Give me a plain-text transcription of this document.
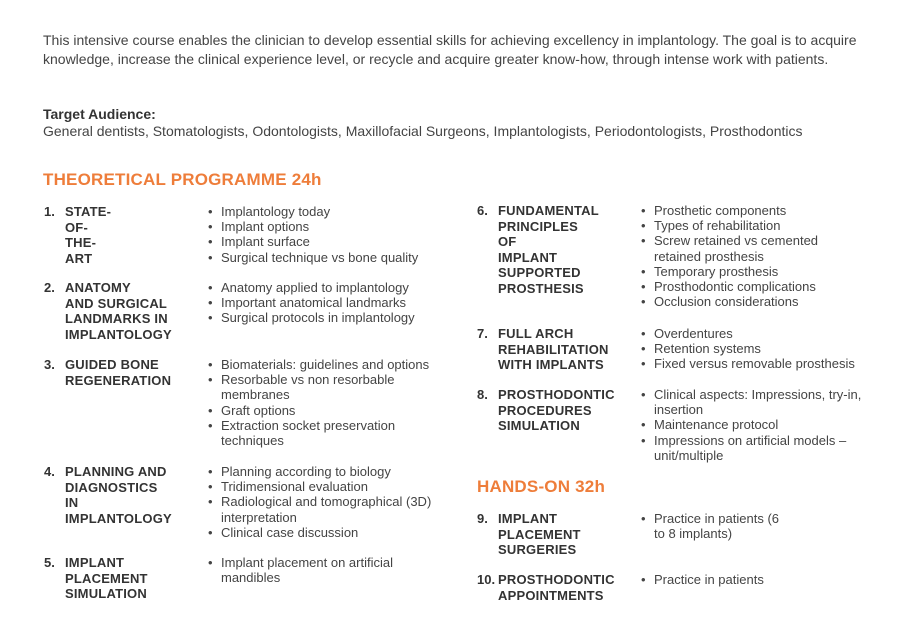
This intensive course enables the clinician to develop essential skills for achieving excellency in implantology. The goal is to acquire knowledge, increase the clinical experience level, or recycle and acquire greater know-how, through intense work with patients.

Target Audience:
General dentists, Stomatologists, Odontologists, Maxillofacial Surgeons, Implantologists, Periodontologists, Prosthodontics
THEORETICAL PROGRAMME 24h
1. STATE-OF-THE-ART
• Implantology today
• Implant options
• Implant surface
• Surgical technique vs bone quality
2. ANATOMY
AND SURGICAL
LANDMARKS IN
IMPLANTOLOGY
• Anatomy applied to implantology
• Important anatomical landmarks
• Surgical protocols in implantology
3. GUIDED BONE
REGENERATION
• Biomaterials: guidelines and options
• Resorbable vs non resorbable membranes
• Graft options
• Extraction socket preservation techniques
4. PLANNING AND
DIAGNOSTICS IN
IMPLANTOLOGY
• Planning according to biology
• Tridimensional evaluation
• Radiological and tomographical (3D) interpretation
• Clinical case discussion
5. IMPLANT
PLACEMENT
SIMULATION
• Implant placement on artificial mandibles
6. FUNDAMENTAL
PRINCIPLES OF
IMPLANT
SUPPORTED
PROSTHESIS
• Prosthetic components
• Types of rehabilitation
• Screw retained vs cemented retained prosthesis
• Temporary prosthesis
• Prosthodontic complications
• Occlusion considerations
7. FULL ARCH
REHABILITATION
WITH IMPLANTS
• Overdentures
• Retention systems
• Fixed versus removable prosthesis
8. PROSTHODONTIC
PROCEDURES
SIMULATION
• Clinical aspects: Impressions, try-in, insertion
• Maintenance protocol
• Impressions on artificial models – unit/multiple
HANDS-ON 32h
9. IMPLANT
PLACEMENT
SURGERIES
• Practice in patients (6 to 8 implants)
10. PROSTHODONTIC
APPOINTMENTS
• Practice in patients
